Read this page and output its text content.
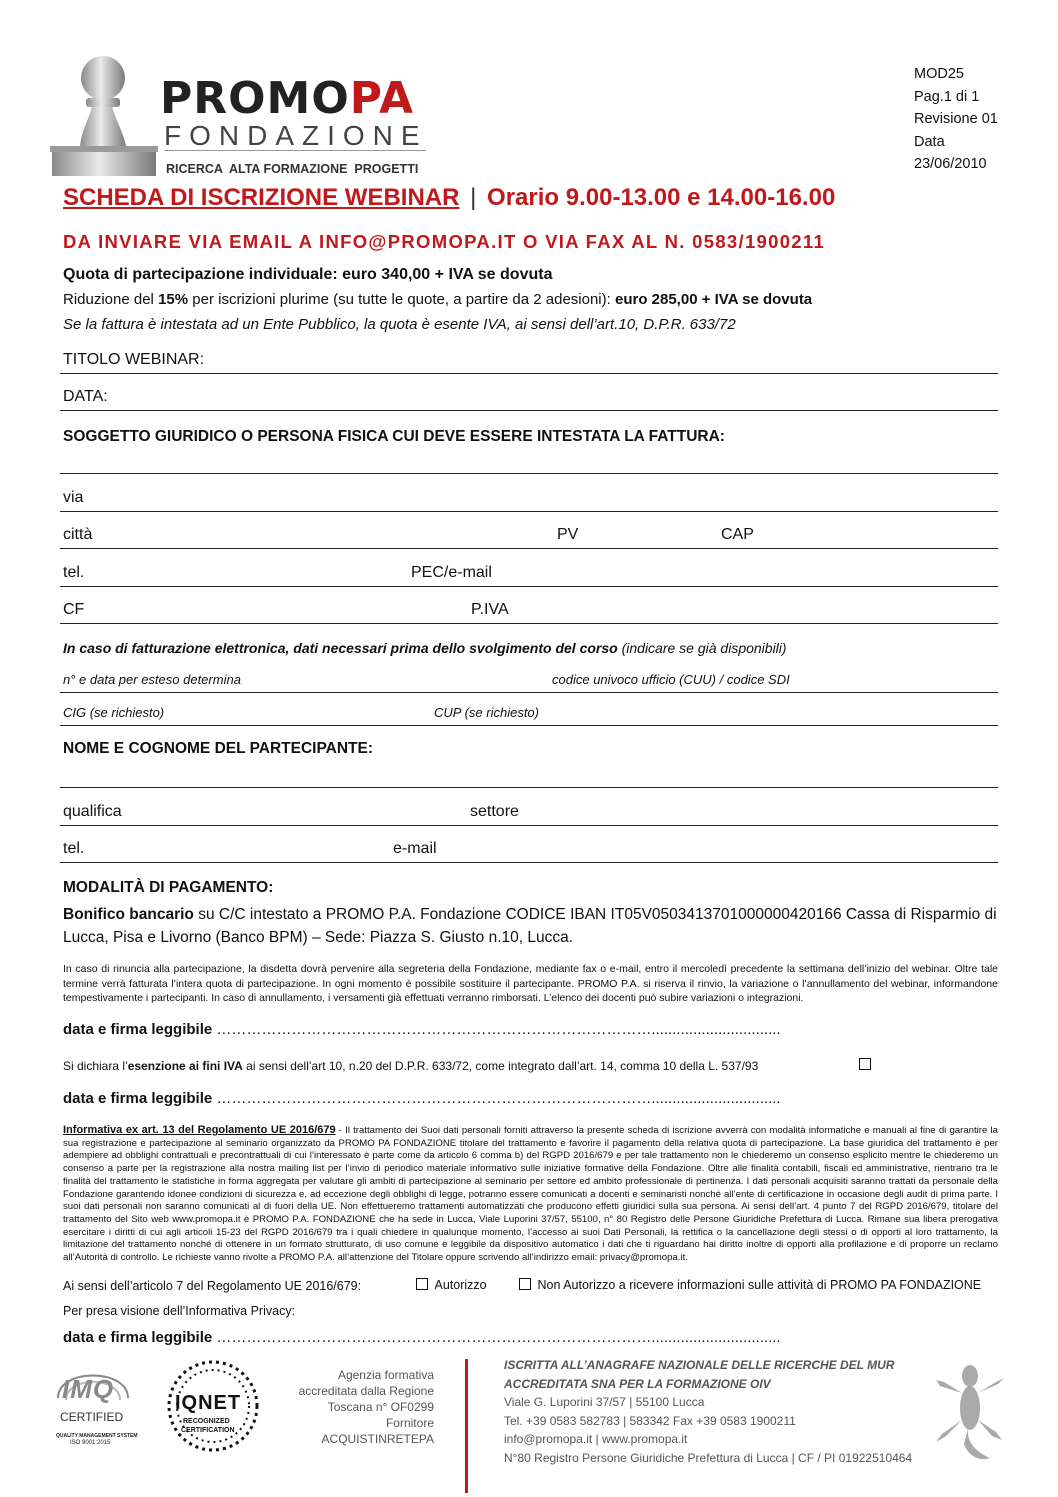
PROMOPA
FONDAZIONE
RICERCA  ALTA FORMAZIONE  PROGETTI
MOD25
Pag.1 di 1
Revisione 01
Data
23/06/2010
SCHEDA DI ISCRIZIONE WEBINAR | Orario 9.00-13.00 e 14.00-16.00
DA INVIARE VIA EMAIL A INFO@PROMOPA.IT O VIA FAX AL N. 0583/1900211
Quota di partecipazione individuale: euro 340,00 + IVA se dovuta
Riduzione del 15% per iscrizioni plurime (su tutte le quote, a partire da 2 adesioni): euro 285,00 + IVA se dovuta
Se la fattura è intestata ad un Ente Pubblico, la quota è esente IVA, ai sensi dell’art.10, D.P.R. 633/72
TITOLO WEBINAR:
DATA:
SOGGETTO GIURIDICO O PERSONA FISICA CUI DEVE ESSERE INTESTATA LA FATTURA:
via
città	PV	CAP
tel.	PEC/e-mail
CF	P.IVA
In caso di fatturazione elettronica, dati necessari prima dello svolgimento del corso (indicare se già disponibili)
n° e data per esteso determina	codice univoco ufficio (CUU) / codice SDI
CIG (se richiesto)	CUP (se richiesto)
NOME E COGNOME DEL PARTECIPANTE:
qualifica	settore
tel.	e-mail
MODALITÀ DI PAGAMENTO:
Bonifico bancario su C/C intestato a PROMO P.A. Fondazione CODICE IBAN IT05V0503413701000000420166 Cassa di Risparmio di Lucca, Pisa e Livorno (Banco BPM) – Sede: Piazza S. Giusto n.10, Lucca.
In caso di rinuncia alla partecipazione, la disdetta dovrà pervenire alla segreteria della Fondazione, mediante fax o e-mail, entro il mercoledì precedente la settimana dell’inizio del webinar. Oltre tale termine verrà fatturata l’intera quota di partecipazione. In ogni momento è possibile sostituire il partecipante. PROMO P.A. si riserva il rinvio, la variazione o l’annullamento del webinar, informandone tempestivamente i partecipanti. In caso di annullamento, i versamenti già effettuati verranno rimborsati. L’elenco dei docenti può subire variazioni o integrazioni.
data e firma leggibile ……………………………………………………………………………...............................
Si dichiara l’esenzione ai fini IVA ai sensi dell’art 10, n.20 del D.P.R. 633/72, come integrato dall’art. 14, comma 10 della L. 537/93
data e firma leggibile ……………………………………………………………………………...............................
Informativa ex art. 13 del Regolamento UE 2016/679 - Il trattamento dei Suoi dati personali forniti attraverso la presente scheda di iscrizione avverrà con modalità informatiche e manuali al fine di garantire la sua registrazione e partecipazione al seminario organizzato da PROMO PA FONDAZIONE titolare del trattamento e favorire il pagamento della relativa quota di partecipazione. La base giuridica del trattamento è per adempiere ad obblighi contrattuali e precontrattuali di cui l’interessato è parte come da articolo 6 comma b) del RGPD 2016/679 e per tale trattamento non le chiederemo un consenso esplicito mentre le chiederemo un consenso a parte per la registrazione alla nostra mailing list per l’invio di periodico materiale informativo sulle iniziative formative della Fondazione. Oltre alle finalità contabili, fiscali ed amministrative, rientrano tra le finalità del trattamento le statistiche in forma aggregata per valutare gli ambiti di partecipazione al seminario per settore ed ambito professionale di pertinenza. I dati personali acquisiti saranno trattati da personale della Fondazione garantendo idonee condizioni di sicurezza e, ad eccezione degli obblighi di legge, potranno essere comunicati a docenti e seminaristi nonché all’ente di certificazione in occasione degli audit di prima parte. I suoi dati personali non saranno comunicati al di fuori della UE. Non effettueremo trattamenti automatizzati che producono effetti giuridici sulla sua persona. Ai sensi dell’art. 4 punto 7 del RGPD 2016/679, titolare del trattamento del Sito web www.promopa.it è PROMO P.A. FONDAZIONE che ha sede in Lucca, Viale Luporini 37/57, 55100, n° 80 Registro delle Persone Giuridiche Prefettura di Lucca. Rimane sua libera prerogativa esercitare i diritti di cui agli articoli 15-23 del RGPD 2016/679 tra i quali chiedere in qualunque momento, l’accesso ai suoi Dati Personali, la rettifica o la cancellazione degli stessi o di opporti al loro trattamento, la limitazione del trattamento nonché di ottenere in un formato strutturato, di uso comune e leggibile da dispositivo automatico i dati che ti riguardano hai diritto inoltre di opporti alla profilazione e di proporre un reclamo all’Autorità di controllo. Le richieste vanno rivolte a PROMO P.A. all’attenzione del Titolare oppure scrivendo all’indirizzo email: privacy@promopa.it.
Ai sensi dell’articolo 7 del Regolamento UE 2016/679:	Autorizzo	Non Autorizzo a ricevere informazioni sulle attività di PROMO PA FONDAZIONE
Per presa visione dell’Informativa Privacy:
data e firma leggibile ……………………………………………………………………………...............................
IMQ
CERTIFIED
QUALITY MANAGEMENT SYSTEM
ISO 9001:2015
IQNET
RECOGNIZED
CERTIFICATION
Agenzia formativa
accreditata dalla Regione
Toscana n° OF0299
Fornitore
ACQUISTINRETEPA
ISCRITTA ALL’ANAGRAFE NAZIONALE DELLE RICERCHE DEL MUR
ACCREDITATA SNA PER LA FORMAZIONE OIV
Viale G. Luporini 37/57 | 55100 Lucca
Tel. +39 0583 582783 | 583342 Fax +39 0583 1900211
info@promopa.it | www.promopa.it
N°80 Registro Persone Giuridiche Prefettura di Lucca | CF / PI 01922510464
